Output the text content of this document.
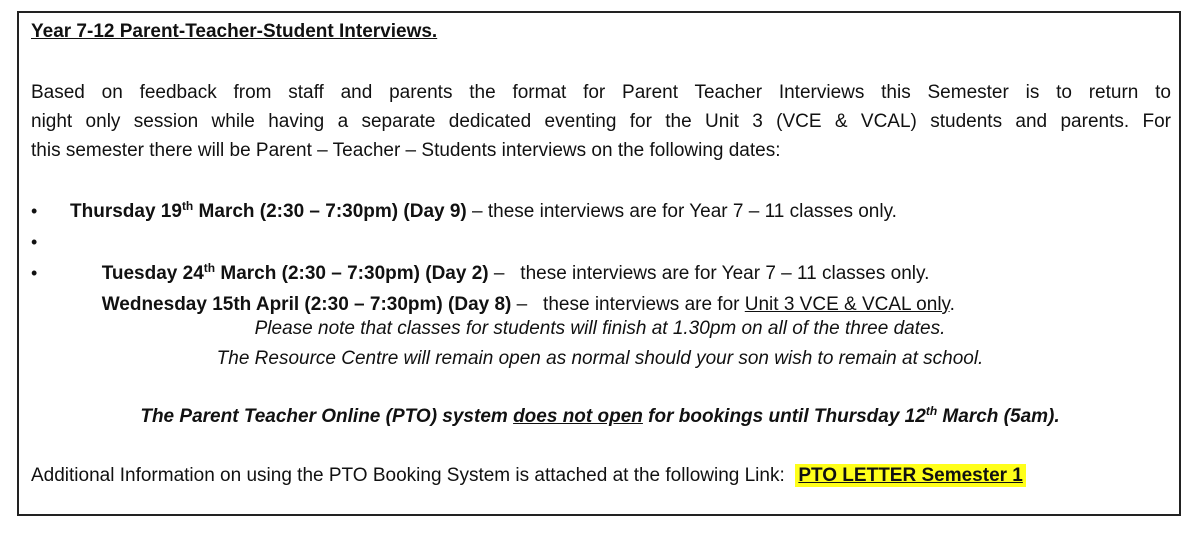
Year 7-12 Parent-Teacher-Student Interviews.
Based on feedback from staff and parents the format for Parent Teacher Interviews this Semester is to return to
night only session while having a separate dedicated eventing for the Unit 3 (VCE & VCAL) students and parents. For
this semester there will be Parent – Teacher – Students interviews on the following dates:
•	Thursday 19th March (2:30 – 7:30pm) (Day 9) – these interviews are for Year 7 – 11 classes only.
•

Tuesday 24th March (2:30 – 7:30pm) (Day 2) –   these interviews are for Year 7 – 11 classes only.

•

Wednesday 15th April (2:30 – 7:30pm) (Day 8) –   these interviews are for Unit 3 VCE & VCAL only.

Please note that classes for students will finish at 1.30pm on all of the three dates.
The Resource Centre will remain open as normal should your son wish to remain at school.
The Parent Teacher Online (PTO) system does not open for bookings until Thursday 12th March (5am).
Additional Information on using the PTO Booking System is attached at the following Link:  PTO LETTER Semester 1
